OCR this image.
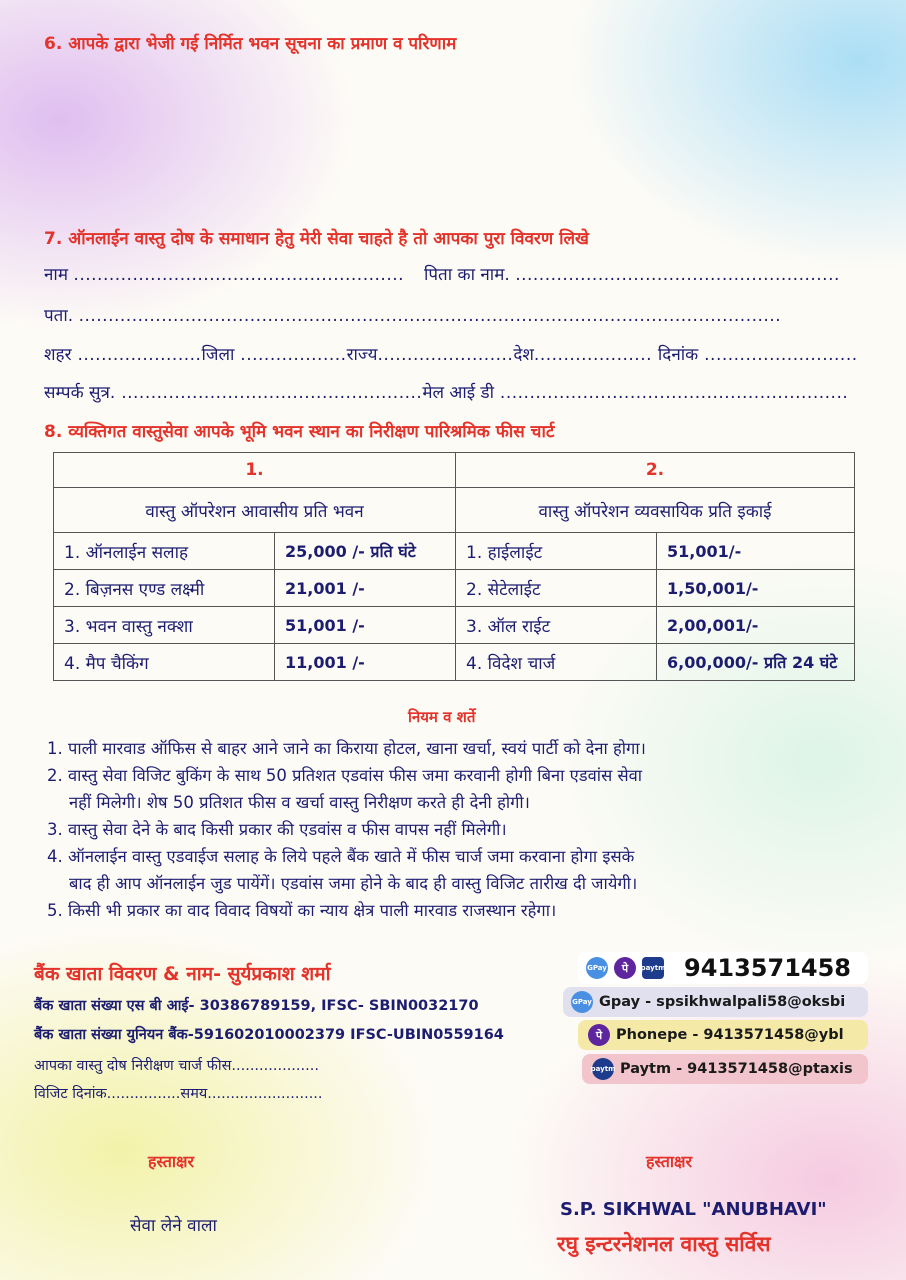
6. आपके द्वारा भेजी गई निर्मित भवन सूचना का प्रमाण व परिणाम
7. ऑनलाईन वास्तु दोष के समाधान हेतु मेरी सेवा चाहते है तो आपका पुरा विवरण लिखे
नाम ........................................................ पिता का नाम. .......................................................
पता. .......................................................................................................................
शहर .....................जिला ..................राज्य.......................देश.................... दिनांक ..........................
सम्पर्क सुत्र. ...................................................मेल आई डी ...........................................................
8. व्यक्तिगत वास्तुसेवा आपके भूमि भवन स्थान का निरीक्षण पारिश्रमिक फीस चार्ट
1.		2.	
वास्तु ऑपरेशन आवासीय प्रति भवन		वास्तु ऑपरेशन व्यवसायिक प्रति इकाई	
1. ऑनलाईन सलाह	25,000 /- प्रति घंटे	1. हाईलाईट	51,001/-
2. बिज़नस एण्ड लक्ष्मी	21,001 /-	2. सेटेलाईट	1,50,001/-
3. भवन वास्तु नक्शा	51,001 /-	3. ऑल राईट	2,00,001/-
4. मैप चैकिंग	11,001 /-	4. विदेश चार्ज	6,00,000/- प्रति 24 घंटे
नियम व शर्ते
1. पाली मारवाड ऑफिस से बाहर आने जाने का किराया होटल, खाना खर्चा, स्वयं पार्टी को देना होगा।
2. वास्तु सेवा विजिट बुकिंग के साथ 50 प्रतिशत एडवांस फीस जमा करवानी होगी बिना एडवांस सेवा
नहीं मिलेगी। शेष 50 प्रतिशत फीस व खर्चा वास्तु निरीक्षण करते ही देनी होगी।
3. वास्तु सेवा देने के बाद किसी प्रकार की एडवांस व फीस वापस नहीं मिलेगी।
4. ऑनलाईन वास्तु एडवाईज सलाह के लिये पहले बैंक खाते में फीस चार्ज जमा करवाना होगा इसके
बाद ही आप ऑनलाईन जुड पायेंगें। एडवांस जमा होने के बाद ही वास्तु विजिट तारीख दी जायेगी।
5. किसी भी प्रकार का वाद विवाद विषयों का न्याय क्षेत्र पाली मारवाड राजस्थान रहेगा।
बैंक खाता विवरण & नाम- सुर्यप्रकाश शर्मा
बैंक खाता संख्या एस बी आई- 30386789159, IFSC- SBIN0032170
बैंक खाता संख्या युनियन बैंक-591602010002379 IFSC-UBIN0559164
आपका वास्तु दोष निरीक्षण चार्ज फीस...................
विजिट दिनांक................समय.........................
GPay	पे	paytm 9413571458
GPay Gpay - spsikhwalpali58@oksbi
पे Phonepe - 9413571458@ybl
paytm Paytm - 9413571458@ptaxis
हस्ताक्षर
सेवा लेने वाला
हस्ताक्षर
S.P. SIKHWAL "ANUBHAVI"
रघु इन्टरनेशनल वास्तु सर्विस
